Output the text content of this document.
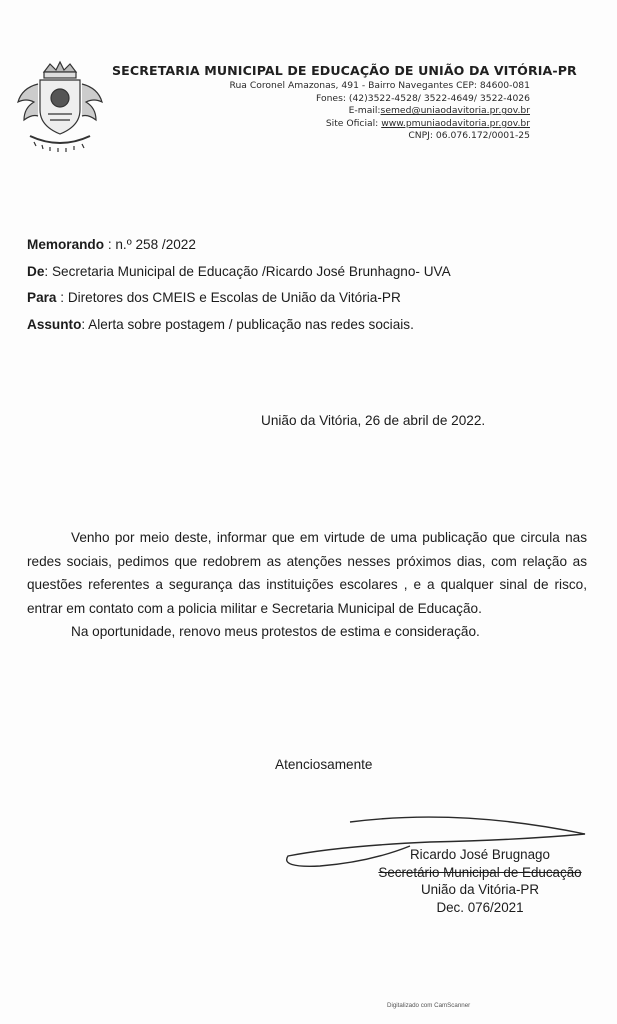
SECRETARIA MUNICIPAL DE EDUCAÇÃO DE UNIÃO DA VITÓRIA-PR
Rua Coronel Amazonas, 491 - Bairro Navegantes CEP: 84600-081
Fones: (42)3522-4528/ 3522-4649/ 3522-4026
E-mail:semed@uniaodavitoria.pr.gov.br
Site Oficial: www.pmuniaodavitoria.pr.gov.br
CNPJ: 06.076.172/0001-25
Memorando : n.º 258 /2022
De: Secretaria Municipal de Educação /Ricardo José Brunhagno- UVA
Para : Diretores dos CMEIS e Escolas de União da Vitória-PR
Assunto: Alerta sobre postagem / publicação nas redes sociais.
União da Vitória, 26 de abril de 2022.

Venho por meio deste, informar que em virtude de uma publicação que circula nas redes sociais, pedimos que redobrem as atenções nesses próximos dias, com relação as questões referentes a segurança das instituições escolares , e a qualquer sinal de risco, entrar em contato com a policia militar e Secretaria Municipal de Educação.

Na oportunidade, renovo meus protestos de estima e consideração.

Atenciosamente
Ricardo José Brugnago
Secretário Municipal de Educação
União da Vitória-PR
Dec. 076/2021
Digitalizado com CamScanner
